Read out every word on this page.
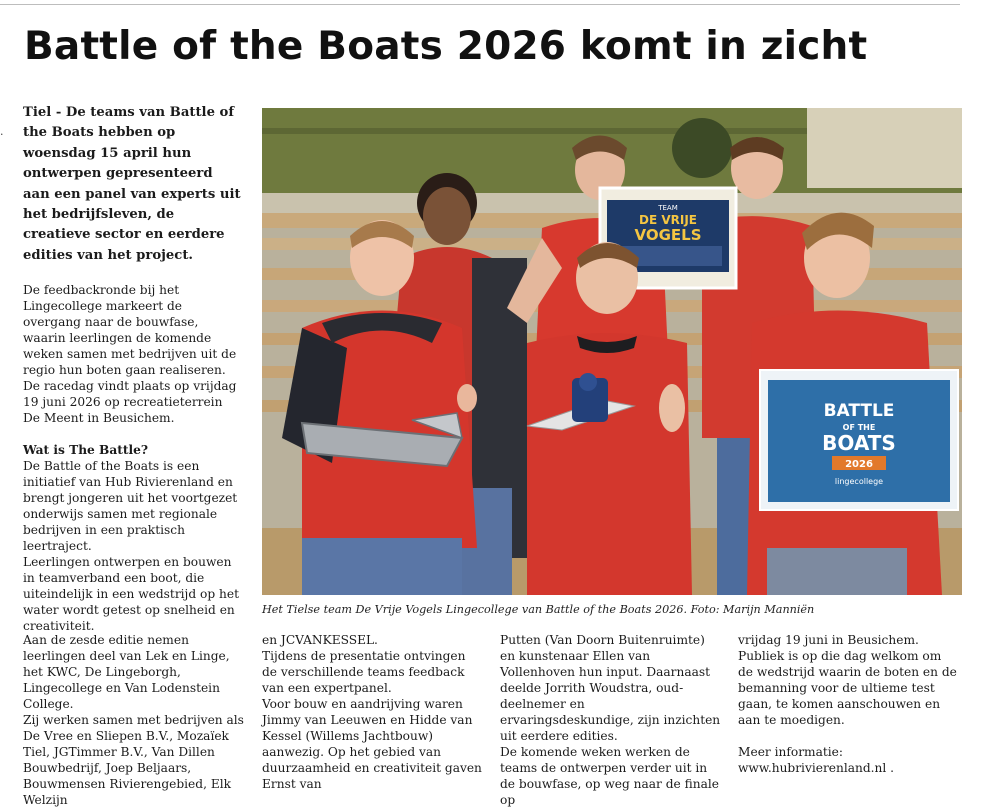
Battle of the Boats 2026 komt in zicht
·

Tiel - De teams van Battle of the Boats hebben op woensdag 15 april hun ontwerpen gepresenteerd aan een panel van experts uit het bedrijfsleven, de creatieve sector en eerdere edities van het project.

De feedbackronde bij het Lingecollege markeert de overgang naar de bouwfase, waarin leerlingen de komende weken samen met bedrijven uit de regio hun boten gaan realiseren.

De racedag vindt plaats op vrijdag 19 juni 2026 op recreatieterrein De Meent in Beusichem.

Wat is The Battle?

De Battle of the Boats is een initiatief van Hub Rivierenland en brengt jongeren uit het voortgezet onderwijs samen met regionale bedrijven in een praktisch leertraject.

Leerlingen ontwerpen en bouwen in teamverband een boot, die uiteindelijk in een wedstrijd op het water wordt getest op snelheid en creativiteit.

Aan de zesde editie nemen leerlingen deel van Lek en Linge, het KWC, De Lingeborgh, Lingecollege en Van Lodenstein College.

Zij werken samen met bedrijven als De Vree en Sliepen B.V., Mozaïek Tiel, JGTimmer B.V., Van Dillen Bouwbedrijf, Joep Beljaars, Bouwmensen Rivierengebied, Elk Welzijn

en JCVANKESSEL.

Tijdens de presentatie ontvingen de verschillende teams feedback van een expertpanel.

Voor bouw en aandrijving waren Jimmy van Leeuwen en Hidde van Kessel (Willems Jachtbouw) aanwezig. Op het gebied van duurzaamheid en creativiteit gaven Ernst van

Putten (Van Doorn Buitenruimte) en kunstenaar Ellen van Vollenhoven hun input. Daarnaast deelde Jorrith Woudstra, oud-deelnemer en ervaringsdeskundige, zijn inzichten uit eerdere edities.

De komende weken werken de teams de ontwerpen verder uit in de bouwfase, op weg naar de finale op

vrijdag 19 juni in Beusichem.

Publiek is op die dag welkom om de wedstrijd waarin de boten en de bemanning voor de ultieme test gaan, te komen aanschouwen en aan te moedigen.

Meer informatie:

www.hubrivierenland.nl .

TEAM
DE VRIJE
VOGELS
BATTLE
OF THE
BOATS
2026
lingecollege
Het Tielse team De Vrije Vogels Lingecollege van Battle of the Boats 2026. Foto: Marijn Manniën
